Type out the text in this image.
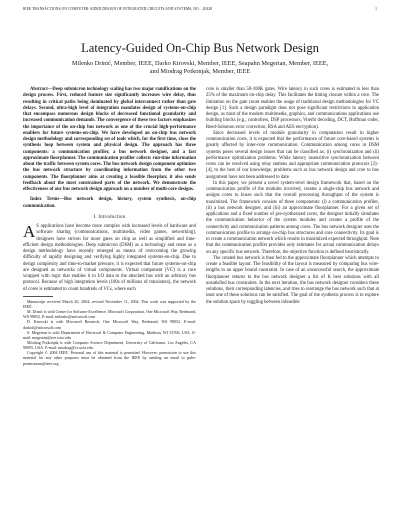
IEEE TRANSACTIONS ON COMPUTER-AIDED DESIGN OF INTEGRATED CIRCUITS AND SYSTEMS, NO. , 20428	1
Latency-Guided On-Chip Bus Network Design
Milenko Drinić, Member, IEEE, Darko Kirovski, Member, IEEE, Seapahn Megerian, Member, IEEE,
and Miodrag Potkonjak, Member, IEEE

Abstract—Deep submicron technology scaling has two major ramifications on the design process. First, reduced feature size significantly increases wire delay, thus resulting in critical paths being dominated by global interconnect rather than gate delays. Second, ultra-high level of integration mandates design of systems-on-chip that encompass numerous design blocks of decreased functional granularity and increased communication demands. The convergence of these two factors emphasizes the importance of the on-chip bus network as one of the crucial high-performance enablers for future systems-on-chip. We have developed an on-chip bus network design methodology and corresponding set of tools which, for the first time, close the synthesis loop between system and physical design. The approach has three components: a communication profiler, a bus network designer, and a fast approximate floorplanner. The communication profiler collects run-time information about the traffic between system cores. The bus network design component optimizes the bus network structure by coordinating information from the other two components. The floorplanner aims at creating a feasible floorplan; it also sends feedback about the most constrained parts of the network. We demonstrate the effectiveness of our bus network design approach on a number of multi-core designs.

Index Terms—Bus network design, history, system synthesis, on-chip communication.

I. Introduction

A S applications have become more complex with increased levels of hardware and software sharing (communications, multimedia, video games, networking), designers have striven for more gates on chip as well as simplified and time-efficient design methodologies. Deep submicron (DSM) as a technology and reuse as a design methodology have recently emerged as means of overcoming the growing difficulty of rapidly designing and verifying highly integrated systems-on-chip. Due to design complexity and time-to-market pressure, it is expected that future systems-on-chip are designed as networks of virtual components. Virtual component (VC) is a core wrapped with logic that enables it to I/O data to the attached bus with an arbitrary bus protocol. Because of high integration levels (100s of millions of transistors), the network of cores is estimated to count hundreds of VCs, where each

Manuscript received March 20, 2004; revised November 11, 2004. This work was supported by the IEEE.

M. Drinić is with Center for Software Excellence, Microsoft Corporation, One Microsoft Way, Redmond, WA 98052. E-mail: milenko@microsoft.com

D. Kirovski is with Microsoft Research, One Microsoft Way, Redmond, WA 98052. E-mail: darkok@microsoft.com

S. Megerian is with Department of Electrical & Computer Engineering, Madison, WI 53706, USA. E-mail: megerian@ece.wisc.edu

Miodrag Potkonjak is with Computer Science Department, University of California, Los Angeles, CA 90095, USA. E-mail: miodrag@cs.ucla.edu

Copyright © 2004 IEEE. Personal use of this material is permitted. However, permission to use this material for any other purposes must be obtained from the IEEE by sending an email to pubs-permissions@ieee.org.

core is smaller than 50-100K gates. Wire latency in such cores is estimated to less than 25% of the maximum on-chip delay. This facilitates the timing closure within a core. The limitation on the gate count enables the usage of traditional design methodologies for VC design [1]. Such a design paradigm does not pose significant restrictions to application design, as most of the modern multimedia, graphics, and communications applications use building blocks (e.g., controllers, DSP processors, Viterbi decoding, DCT, Huffman coder, Reed-Solomon error correction, RSA and AES encryption).

Since decreased levels of module granularity in computation result in higher communication costs, it is expected that the performance of future core-based systems is greatly affected by inter-core communication. Communication among cores in DSM systems poses several design issues that can be classified as: (i) synchronization and (ii) performance optimization problems. While latency insensitive synchronization between cores can be resolved using relay stations and appropriate communication protocols [2]–[4], to the best of our knowledge, problems such as bus network design and core to bus assignment have not been addressed to date.

In this paper, we present a novel system-level design framework that, based on the communication profile of the modules involved, creates a single-chip bus network and assigns cores to buses such that the overall processing throughput of the system is maximized. The framework consists of three components: (i) a communication profiler, (ii) a bus network designer, and (iii) an approximate floorplanner. For a given set of applications and a fixed number of pre-synthesized cores, the designer initially simulates the communication behavior of the system modules and creates a profile of the connectivity and communication patterns among cores. The bus network designer uses the communication profile to arrange on-chip bus structures and core connectivity. Its goal is to create a communication network which results in maximized expected throughput. Note that the communication profiler provides only estimates for actual communication delays on any specific bus network. Therefore, the objective function is defined heuristically.

The created bus network is then fed to the approximate floorplanner which attempts to create a feasible layout. The feasibility of the layout is measured by comparing bus wire-lengths to an upper bound constraint. In case of an unsuccessful search, the approximate floorplanner returns to the bus network designer a list of K best solutions with all unsatisfied bus constraints. In the next iteration, the bus network designer considers these solutions, their corresponding latencies, and tries to rearrange the bus network such that at least one of these solutions can be satisfied. The goal of the synthesis process is to explore the solution space by toggling between infeasible
